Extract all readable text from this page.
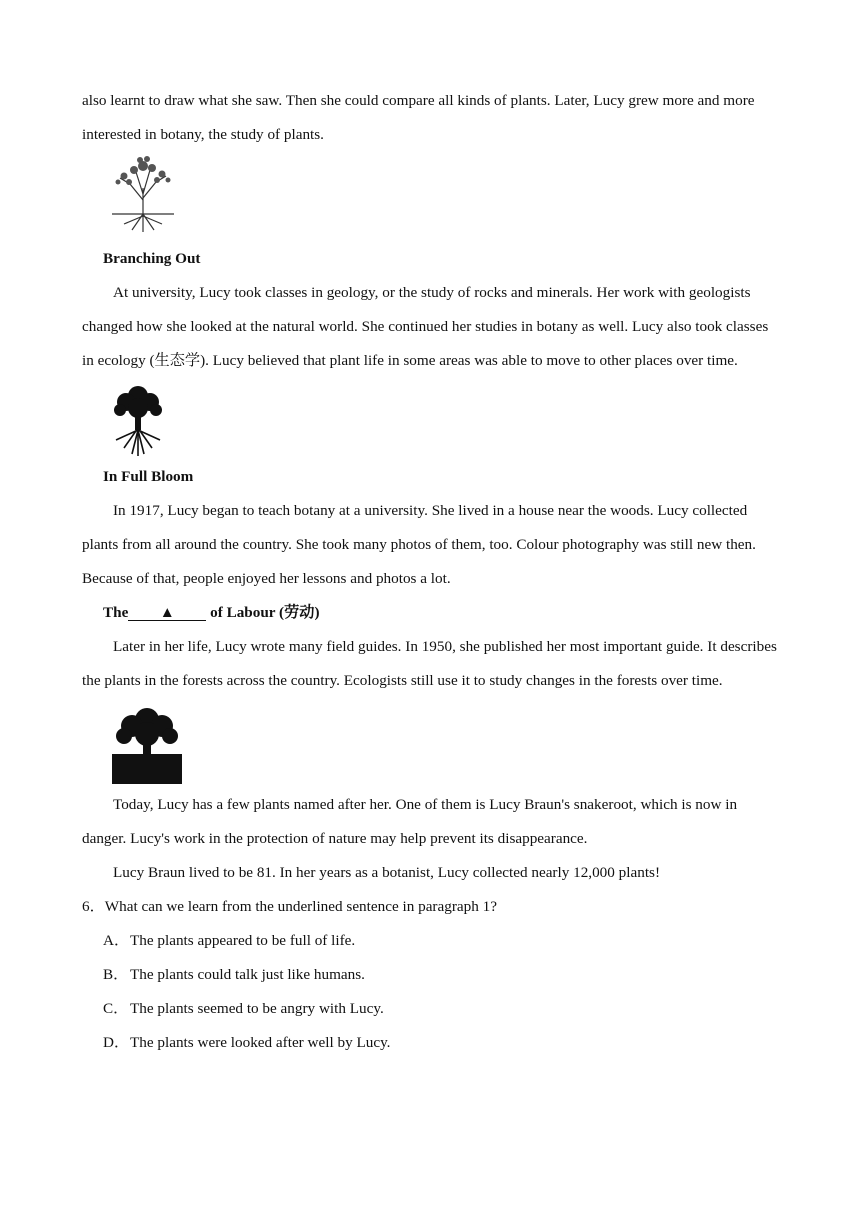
also learnt to draw what she saw. Then she could compare all kinds of plants. Later, Lucy grew more and more interested in botany, the study of plants.

Branching Out

At university, Lucy took classes in geology, or the study of rocks and minerals. Her work with geologists changed how she looked at the natural world. She continued her studies in botany as well. Lucy also took classes in ecology (生态学). Lucy believed that plant life in some areas was able to move to other places over time.

In Full Bloom

In 1917, Lucy began to teach botany at a university. She lived in a house near the woods. Lucy collected plants from all around the country. She took many photos of them, too. Colour photography was still new then. Because of that, people enjoyed her lessons and photos a lot.

The ▲ of Labour (劳动)

Later in her life, Lucy wrote many field guides. In 1950, she published her most important guide. It describes the plants in the forests across the country. Ecologists still use it to study changes in the forests over time.

Today, Lucy has a few plants named after her. One of them is Lucy Braun's snakeroot, which is now in danger. Lucy's work in the protection of nature may help prevent its disappearance.

Lucy Braun lived to be 81. In her years as a botanist, Lucy collected nearly 12,000 plants!

6．What can we learn from the underlined sentence in paragraph 1?

A．The plants appeared to be full of life.

B． The plants could talk just like humans.

C． The plants seemed to be angry with Lucy.

D．The plants were looked after well by Lucy.
